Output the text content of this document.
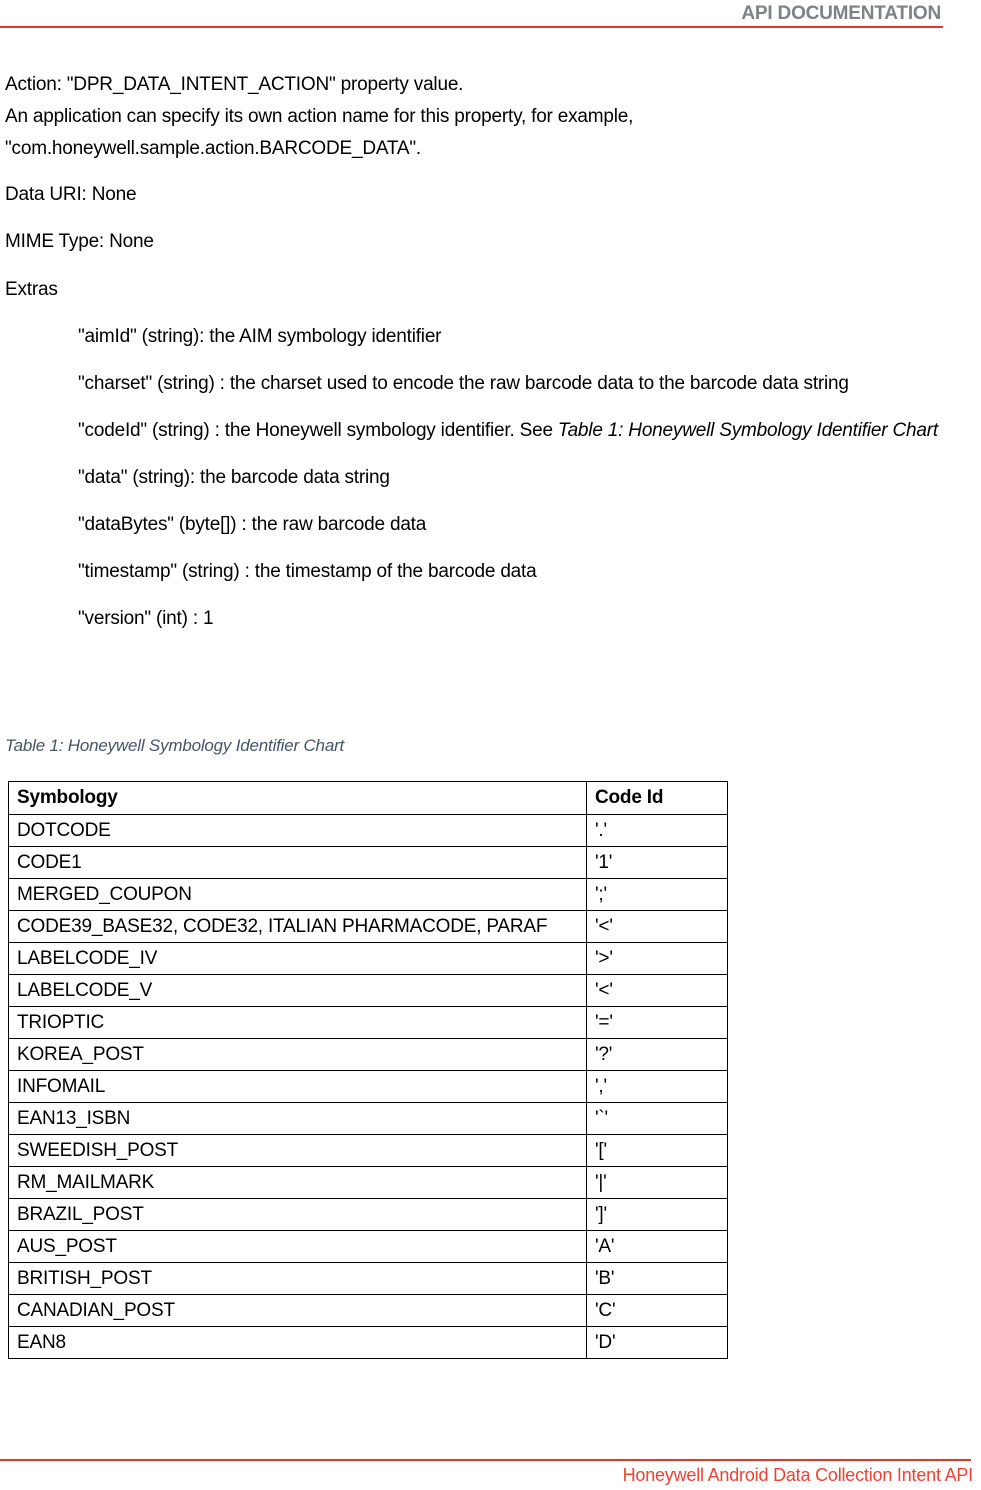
API DOCUMENTATION
Action: "DPR_DATA_INTENT_ACTION" property value.
An application can specify its own action name for this property, for example,
"com.honeywell.sample.action.BARCODE_DATA".

Data URI: None

MIME Type: None

Extras

"aimId" (string): the AIM symbology identifier
"charset" (string) : the charset used to encode the raw barcode data to the barcode data string
"codeId" (string) : the Honeywell symbology identifier. See Table 1: Honeywell Symbology Identifier Chart
"data" (string): the barcode data string
"dataBytes" (byte[]) : the raw barcode data
"timestamp" (string) : the timestamp of the barcode data
"version" (int) : 1
Table 1: Honeywell Symbology Identifier Chart
Symbology	Code Id
DOTCODE	'.'
CODE1	'1'
MERGED_COUPON	';'
CODE39_BASE32, CODE32, ITALIAN PHARMACODE, PARAF	'<'
LABELCODE_IV	'>'
LABELCODE_V	'<'
TRIOPTIC	'='
KOREA_POST	'?'
INFOMAIL	','
EAN13_ISBN	'`'
SWEEDISH_POST	'['
RM_MAILMARK	'|'
BRAZIL_POST	']'
AUS_POST	'A'
BRITISH_POST	'B'
CANADIAN_POST	'C'
EAN8	'D'
Honeywell Android Data Collection Intent API
